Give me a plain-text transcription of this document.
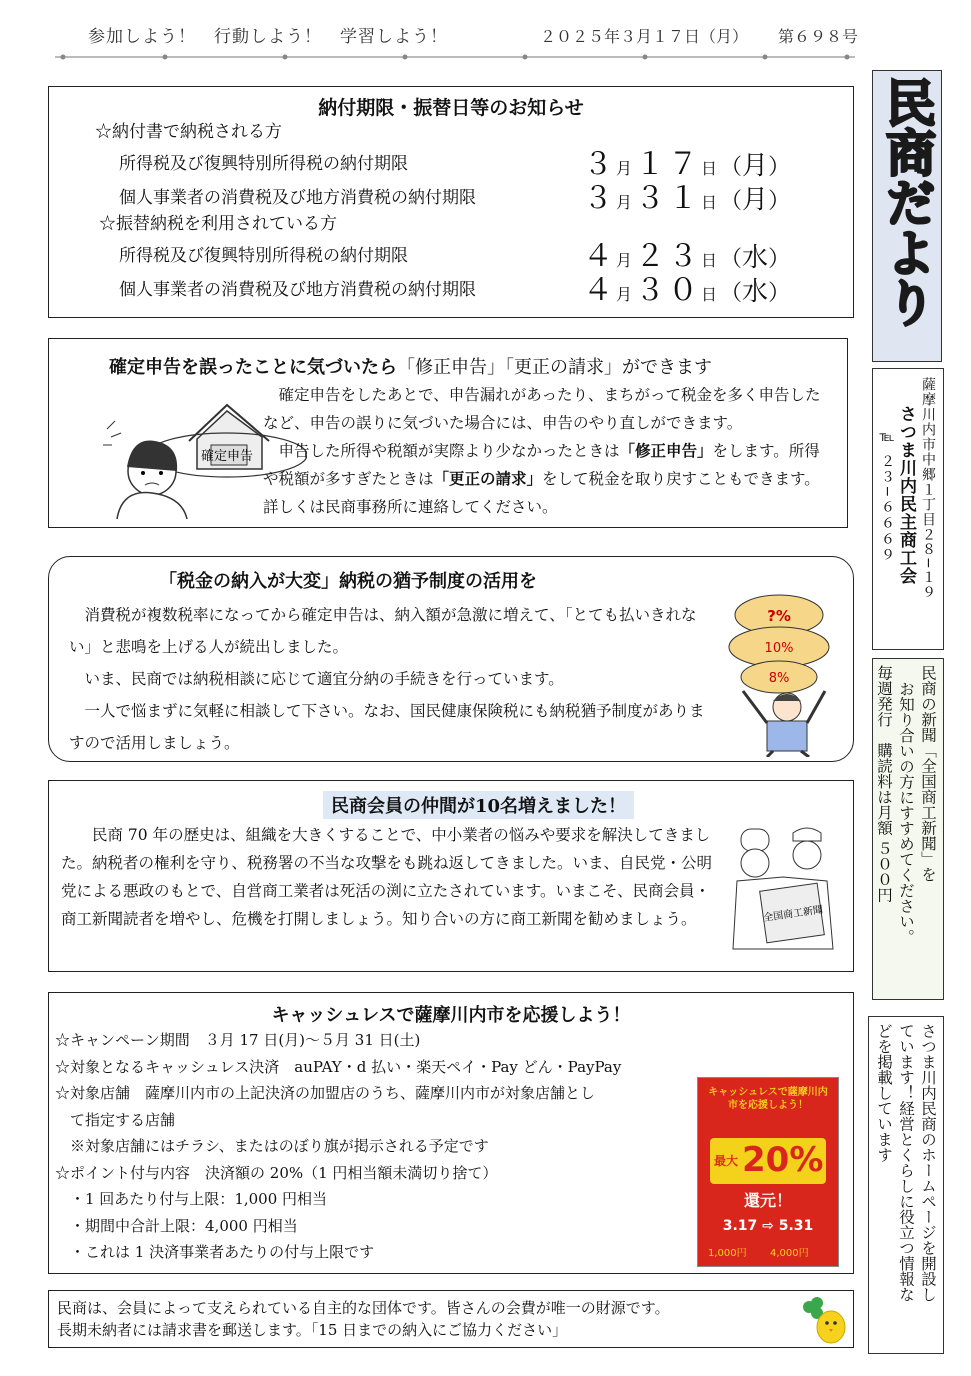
参加しよう！　行動しよう！　学習しよう！	２０２５年３月１７日（月） 第６９８号
民商だより
薩摩川内市中郷１丁目２８−１９
さつま川内民主商工会
℡ ２３−６６６９
民商の新聞「全国商工新聞」を
お知り合いの方にすすめてください。
毎週発行　購読料は月額 ５００円
さつま川内民商のホームページを開設し
ています！経営とくらしに役立つ情報な
どを掲載しています
納付期限・振替日等のお知らせ
☆納付書で納税される方
☆振替納税を利用されている方
所得税及び復興特別所得税の納付期限	３月１７日（月）
個人事業者の消費税及び地方消費税の納付期限	３月３１日（月）
所得税及び復興特別所得税の納付期限	４月２３日（水）
個人事業者の消費税及び地方消費税の納付期限	４月３０日（水）
確定申告を誤ったことに気づいたら「修正申告」「更正の請求」ができます
確定申告
確定申告をしたあとで、申告漏れがあったり、まちがって税金を多く申告したなど、申告の誤りに気づいた場合には、申告のやり直しができます。
申告した所得や税額が実際より少なかったときは「修正申告」をします。所得や税額が多すぎたときは「更正の請求」をして税金を取り戻すこともできます。詳しくは民商事務所に連絡してください。
「税金の納入が大変」納税の猶予制度の活用を
消費税が複数税率になってから確定申告は、納入額が急激に増えて、「とても払いきれない」と悲鳴を上げる人が続出しました。
いま、民商では納税相談に応じて適宜分納の手続きを行っています。
一人で悩まずに気軽に相談して下さい。なお、国民健康保険税にも納税猶予制度がありますので活用しましょう。
?%
10%
8%
民商会員の仲間が10名増えました！
民商 70 年の歴史は、組織を大きくすることで、中小業者の悩みや要求を解決してきました。納税者の権利を守り、税務署の不当な攻撃をも跳ね返してきました。いま、自民党・公明党による悪政のもとで、自営商工業者は死活の渕に立たされています。いまこそ、民商会員・商工新聞読者を増やし、危機を打開しましょう。知り合いの方に商工新聞を勧めましょう。	全国商工新聞
キャッシュレスで薩摩川内市を応援しよう！
☆キャンペーン期間　３月 17 日(月)～５月 31 日(土)
☆対象となるキャッシュレス決済　auPAY・d 払い・楽天ペイ・Pay どん・PayPay
☆対象店舗　薩摩川内市の上記決済の加盟店のうち、薩摩川内市が対象店舗とし
　て指定する店舗
　※対象店舗にはチラシ、またはのぼり旗が掲示される予定です
☆ポイント付与内容　決済額の 20%（1 円相当額未満切り捨て）
　・1 回あたり付与上限：1,000 円相当
　・期間中合計上限：4,000 円相当
　・これは 1 決済事業者あたりの付与上限です
キャッシュレスで薩摩川内市を応援しよう！
最大 20%
還元！
3.17 ⇨ 5.31
1,000円 4,000円
民商は、会員によって支えられている自主的な団体です。皆さんの会費が唯一の財源です。
長期未納者には請求書を郵送します。「15 日までの納入にご協力ください」
